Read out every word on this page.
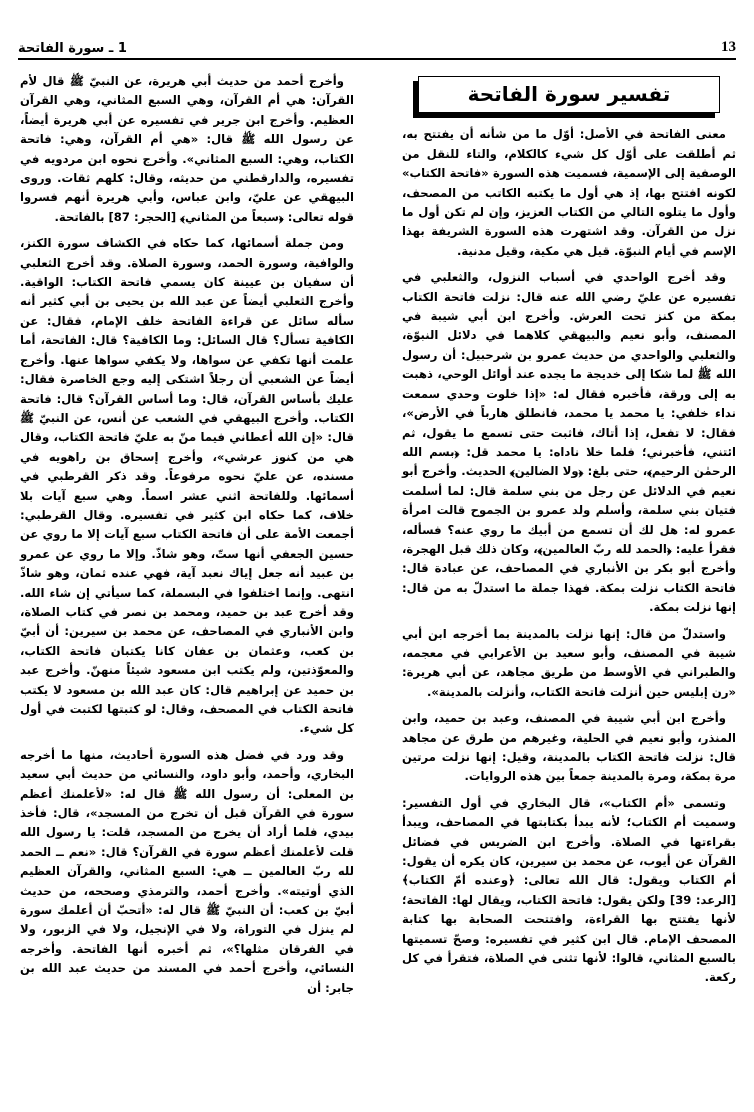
13
1 ـ سورة الفاتحة
تفسير سورة الفاتحة

معنى الفاتحة في الأصل: أوّل ما من شأنه أن يفتتح به، ثم أطلقت على أوّل كل شيء كالكلام، والتاء للنقل من الوصفية إلى الإسمية، فسميت هذه السورة «فاتحة الكتاب» لكونه افتتح بها، إذ هي أول ما يكتبه الكاتب من المصحف، وأول ما يتلوه التالي من الكتاب العزيز، وإن لم تكن أول ما نزل من القرآن. وقد اشتهرت هذه السورة الشريفة بهذا الإسم في أيام النبوّة. قيل هي مكية، وقيل مدنية.

وقد أخرج الواحدي في أسباب النزول، والثعلبي في تفسيره عن عليّ رضي الله عنه قال: نزلت فاتحة الكتاب بمكة من كنز تحت العرش. وأخرج ابن أبي شيبة في المصنف، وأبو نعيم والبيهقي كلاهما في دلائل النبوّة، والثعلبي والواحدي من حديث عمرو بن شرحبيل: أن رسول الله ﷺ لما شكا إلى خديجة ما يجده عند أوائل الوحي، ذهبت به إلى ورقة، فأخبره فقال له: «إذا خلوت وحدي سمعت نداء خلفي: يا محمد يا محمد، فانطلق هارباً في الأرض»، فقال: لا تفعل، إذا أتاك، فاثبت حتى تسمع ما يقول، ثم ائتني، فأخبرني؛ فلما خلا ناداه: يا محمد قل: ﴿بسم الله الرحمٰن الرحيم﴾، حتى بلغ: ﴿ولا الضالين﴾ الحديث. وأخرج أبو نعيم في الدلائل عن رجل من بني سلمة قال: لما أسلمت فتيان بني سلمة، وأسلم ولد عمرو بن الجموح قالت امرأة عمرو له: هل لك أن تسمع من أبيك ما روي عنه؟ فسأله، فقرأ عليه: ﴿الحمد لله ربّ العالمين﴾، وكان ذلك قبل الهجرة، وأخرج أبو بكر بن الأنباري في المصاحف، عن عبادة قال: فاتحة الكتاب نزلت بمكة. فهذا جملة ما استدلّ به من قال: إنها نزلت بمكة.

واستدلّ من قال: إنها نزلت بالمدينة بما أخرجه ابن أبي شيبة في المصنف، وأبو سعيد بن الأعرابي في معجمه، والطبراني في الأوسط من طريق مجاهد، عن أبي هريرة: «رن إبليس حين أنزلت فاتحة الكتاب، وأنزلت بالمدينة».

وأخرج ابن أبي شيبة في المصنف، وعبد بن حميد، وابن المنذر، وأبو نعيم في الحلية، وغيرهم من طرق عن مجاهد قال: نزلت فاتحة الكتاب بالمدينة، وقيل: إنها نزلت مرتين مرة بمكة، ومرة بالمدينة جمعاً بين هذه الروايات.

وتسمى «أم الكتاب»، قال البخاري في أول التفسير: وسميت أم الكتاب؛ لأنه يبدأ بكتابتها في المصاحف، ويبدأ بقراءتها في الصلاة. وأخرج ابن الضريس في فضائل القرآن عن أيوب، عن محمد بن سيرين، كان يكره أن يقول: أم الكتاب ويقول: قال الله تعالى: ﴿وعنده أمّ الكتاب﴾ [الرعد: 39] ولكن يقول: فاتحة الكتاب، ويقال لها: الفاتحة؛ لأنها يفتتح بها القراءة، وافتتحت الصحابة بها كتابة المصحف الإمام. قال ابن كثير في تفسيره: وصحّ تسميتها بالسبع المثاني، قالوا: لأنها تثنى في الصلاة، فتقرأ في كل ركعة.

وأخرج أحمد من حديث أبي هريرة، عن النبيّ ﷺ قال لأم القرآن: هي أم القرآن، وهي السبع المثاني، وهي القرآن العظيم. وأخرج ابن جرير في تفسيره عن أبي هريرة أيضاً، عن رسول الله ﷺ قال: «هي أم القرآن، وهي: فاتحة الكتاب، وهي: السبع المثاني». وأخرج نحوه ابن مردويه في تفسيره، والدارقطني من حديثه، وقال: كلهم ثقات. وروى البيهقي عن عليّ، وابن عباس، وأبي هريرة أنهم فسروا قوله تعالى: ﴿سبعاً من المثاني﴾ [الحجر: 87] بالفاتحة.

ومن جملة أسمائها، كما حكاه في الكشاف سورة الكنز، والوافية، وسورة الحمد، وسورة الصلاة. وقد أخرج الثعلبي أن سفيان بن عيينة كان يسمي فاتحة الكتاب: الواقية. وأخرج الثعلبي أيضاً عن عبد الله بن يحيى بن أبي كثير أنه سأله سائل عن قراءة الفاتحة خلف الإمام، فقال: عن الكافية تسأل؟ قال السائل: وما الكافية؟ قال: الفاتحة، أما علمت أنها تكفي عن سواها، ولا يكفي سواها عنها. وأخرج أيضاً عن الشعبي أن رجلاً اشتكى إليه وجع الخاصرة فقال: عليك بأساس القرآن، قال: وما أساس القرآن؟ قال: فاتحة الكتاب. وأخرج البيهقي في الشعب عن أنس، عن النبيّ ﷺ قال: «إن الله أعطاني فيما منّ به عليّ فاتحة الكتاب، وقال هي من كنوز عرشي»، وأخرج إسحاق بن راهويه في مسنده، عن عليّ نحوه مرفوعاً. وقد ذكر القرطبي في أسمائها. وللفاتحة اثني عشر اسماً. وهي سبع آيات بلا خلاف، كما حكاه ابن كثير في تفسيره. وقال القرطبي: أجمعت الأمة على أن فاتحة الكتاب سبع آيات إلا ما روي عن حسين الجعفي أنها ستّ، وهو شاذّ. وإلا ما روي عن عمرو بن عبيد أنه جعل إياك نعبد آية، فهي عنده ثمان، وهو شاذّ انتهى. وإنما اختلفوا في البسملة، كما سيأتي إن شاء الله. وقد أخرج عبد بن حميد، ومحمد بن نصر في كتاب الصلاة، وابن الأنباري في المصاحف، عن محمد بن سيرين: أن أبيّ بن كعب، وعثمان بن عفان كانا يكتبان فاتحة الكتاب، والمعوّذتين، ولم يكتب ابن مسعود شيئاً منهنّ. وأخرج عبد بن حميد عن إبراهيم قال: كان عبد الله بن مسعود لا يكتب فاتحة الكتاب في المصحف، وقال: لو كتبتها لكتبت في أول كل شيء.

وقد ورد في فضل هذه السورة أحاديث، منها ما أخرجه البخاري، وأحمد، وأبو داود، والنسائي من حديث أبي سعيد بن المعلى: أن رسول الله ﷺ قال له: «لأعلمنك أعظم سورة في القرآن قبل أن تخرج من المسجد»، قال: فأخذ بيدي، فلما أراد أن يخرج من المسجد، قلت: يا رسول الله قلت لأعلمنك أعظم سورة في القرآن؟ قال: «نعم ــ الحمد لله ربّ العالمين ــ هي: السبع المثاني، والقرآن العظيم الذي أوتيته». وأخرج أحمد، والترمذي وصححه، من حديث أبيّ بن كعب: أن النبيّ ﷺ قال له: «أتحبّ أن أعلمك سورة لم ينزل في التوراة، ولا في الإنجيل، ولا في الزبور، ولا في الفرقان مثلها؟»، ثم أخبره أنها الفاتحة. وأخرجه النسائي، وأخرج أحمد في المسند من حديث عبد الله بن جابر: أن
